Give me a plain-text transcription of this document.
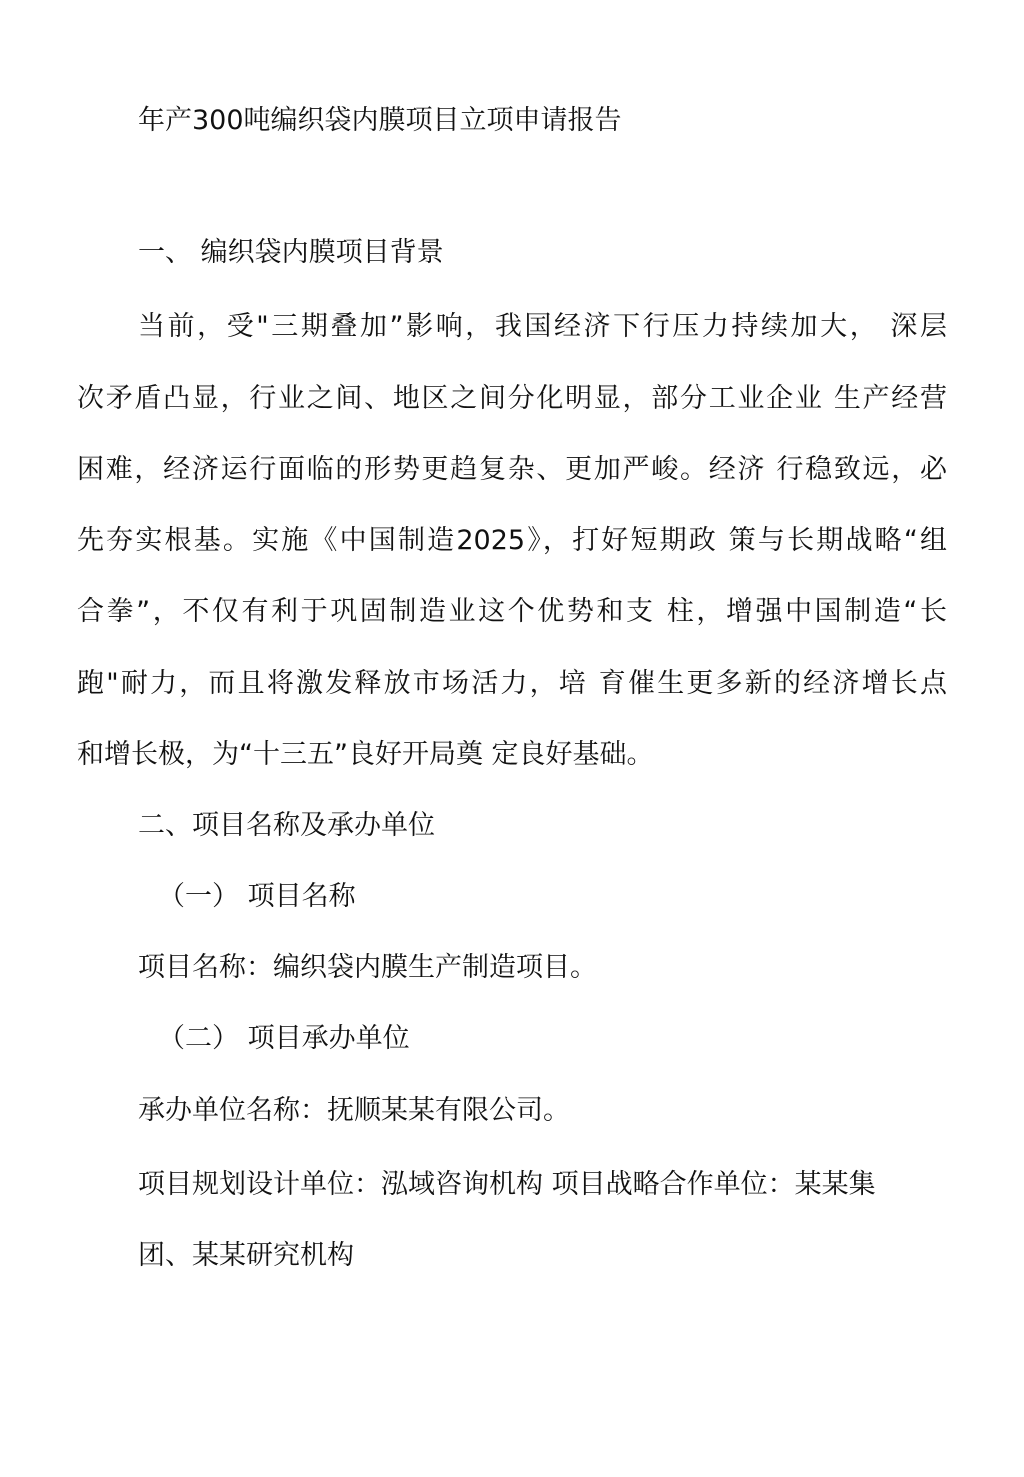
年产300吨编织袋内膜项目立项申请报告
一、 编织袋内膜项目背景
当前，受"三期叠加”影响，我国经济下行压力持续加大， 深层
次矛盾凸显，行业之间、地区之间分化明显，部分工业企业 生产经营
困难，经济运行面临的形势更趋复杂、更加严峻。经济 行稳致远，必
先夯实根基。实施《中国制造2025》，打好短期政 策与长期战略“组
合拳”，不仅有利于巩固制造业这个优势和支 柱，增强中国制造“长
跑"耐力，而且将激发释放市场活力，培 育催生更多新的经济增长点
和增长极，为“十三五”良好开局奠 定良好基础。
二、项目名称及承办单位
（一） 项目名称
项目名称：编织袋内膜生产制造项目。
（二） 项目承办单位
承办单位名称：抚顺某某有限公司。
项目规划设计单位：泓域咨询机构 项目战略合作单位：某某集
团、某某研究机构
